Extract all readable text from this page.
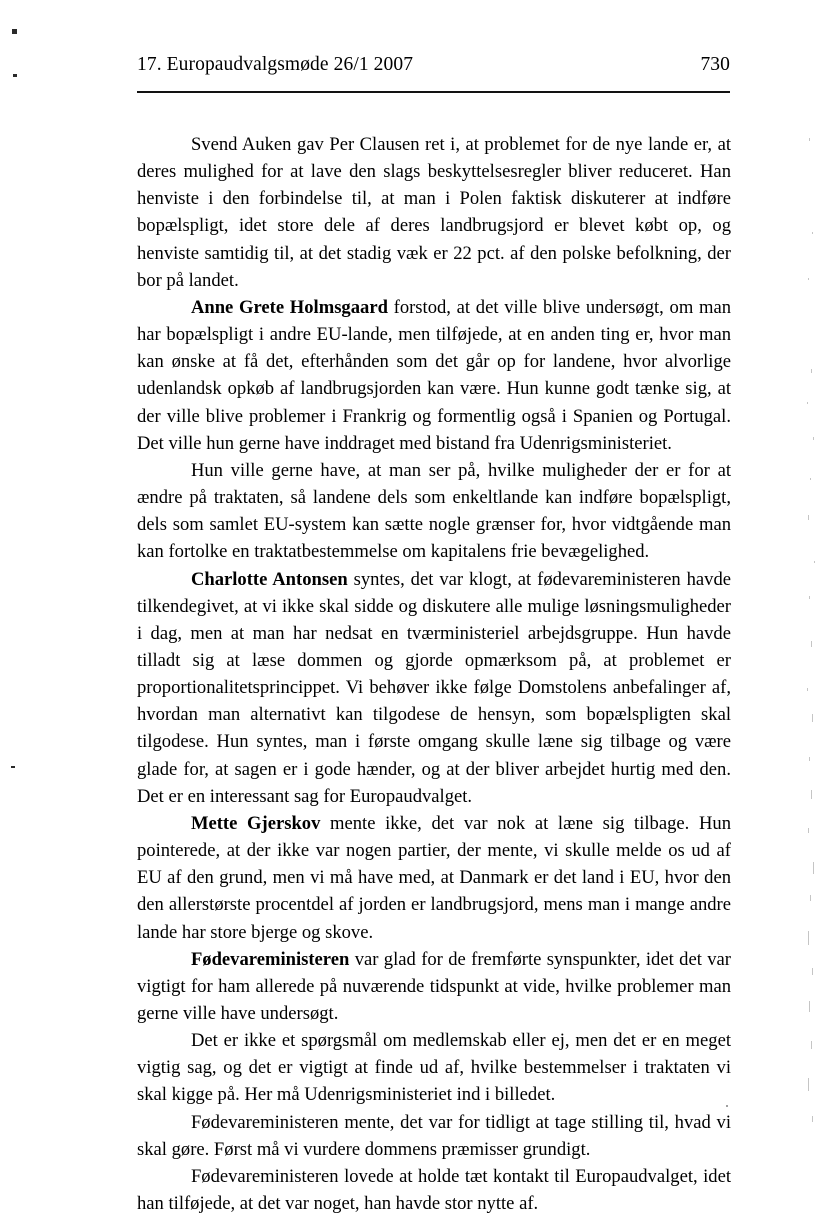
17. Europaudvalgsmøde 26/1 2007	730

Svend Auken gav Per Clausen ret i, at problemet for de nye lande er, at deres mulighed for at lave den slags beskyttelsesregler bliver reduceret. Han henviste i den forbindelse til, at man i Polen faktisk diskuterer at indføre bopælspligt, idet store dele af deres landbrugsjord er blevet købt op, og henviste samtidig til, at det stadig væk er 22 pct. af den polske befolkning, der bor på landet.

Anne Grete Holmsgaard forstod, at det ville blive undersøgt, om man har bopælspligt i andre EU-lande, men tilføjede, at en anden ting er, hvor man kan ønske at få det, efterhånden som det går op for landene, hvor alvorlige udenlandsk opkøb af landbrugsjorden kan være. Hun kunne godt tænke sig, at der ville blive problemer i Frankrig og formentlig også i Spanien og Portugal. Det ville hun gerne have inddraget med bistand fra Udenrigsministeriet.

Hun ville gerne have, at man ser på, hvilke muligheder der er for at ændre på traktaten, så landene dels som enkeltlande kan indføre bopælspligt, dels som samlet EU-system kan sætte nogle grænser for, hvor vidtgående man kan fortolke en traktatbestemmelse om kapitalens frie bevægelighed.

Charlotte Antonsen syntes, det var klogt, at fødevareministeren havde tilkendegivet, at vi ikke skal sidde og diskutere alle mulige løsningsmuligheder i dag, men at man har nedsat en tværministeriel arbejdsgruppe. Hun havde tilladt sig at læse dommen og gjorde opmærksom på, at problemet er proportionalitetsprincippet. Vi behøver ikke følge Domstolens anbefalinger af, hvordan man alternativt kan tilgodese de hensyn, som bopælspligten skal tilgodese. Hun syntes, man i første omgang skulle læne sig tilbage og være glade for, at sagen er i gode hænder, og at der bliver arbejdet hurtig med den. Det er en interessant sag for Europaudvalget.

Mette Gjerskov mente ikke, det var nok at læne sig tilbage. Hun pointerede, at der ikke var nogen partier, der mente, vi skulle melde os ud af EU af den grund, men vi må have med, at Danmark er det land i EU, hvor den den allerstørste procentdel af jorden er landbrugsjord, mens man i mange andre lande har store bjerge og skove.

Fødevareministeren var glad for de fremførte synspunkter, idet det var vigtigt for ham allerede på nuværende tidspunkt at vide, hvilke problemer man gerne ville have undersøgt.

Det er ikke et spørgsmål om medlemskab eller ej, men det er en meget vigtig sag, og det er vigtigt at finde ud af, hvilke bestemmelser i traktaten vi skal kigge på. Her må Udenrigsministeriet ind i billedet.

Fødevareministeren mente, det var for tidligt at tage stilling til, hvad vi skal gøre. Først må vi vurdere dommens præmisser grundigt.

Fødevareministeren lovede at holde tæt kontakt til Europaudvalget, idet han tilføjede, at det var noget, han havde stor nytte af.
